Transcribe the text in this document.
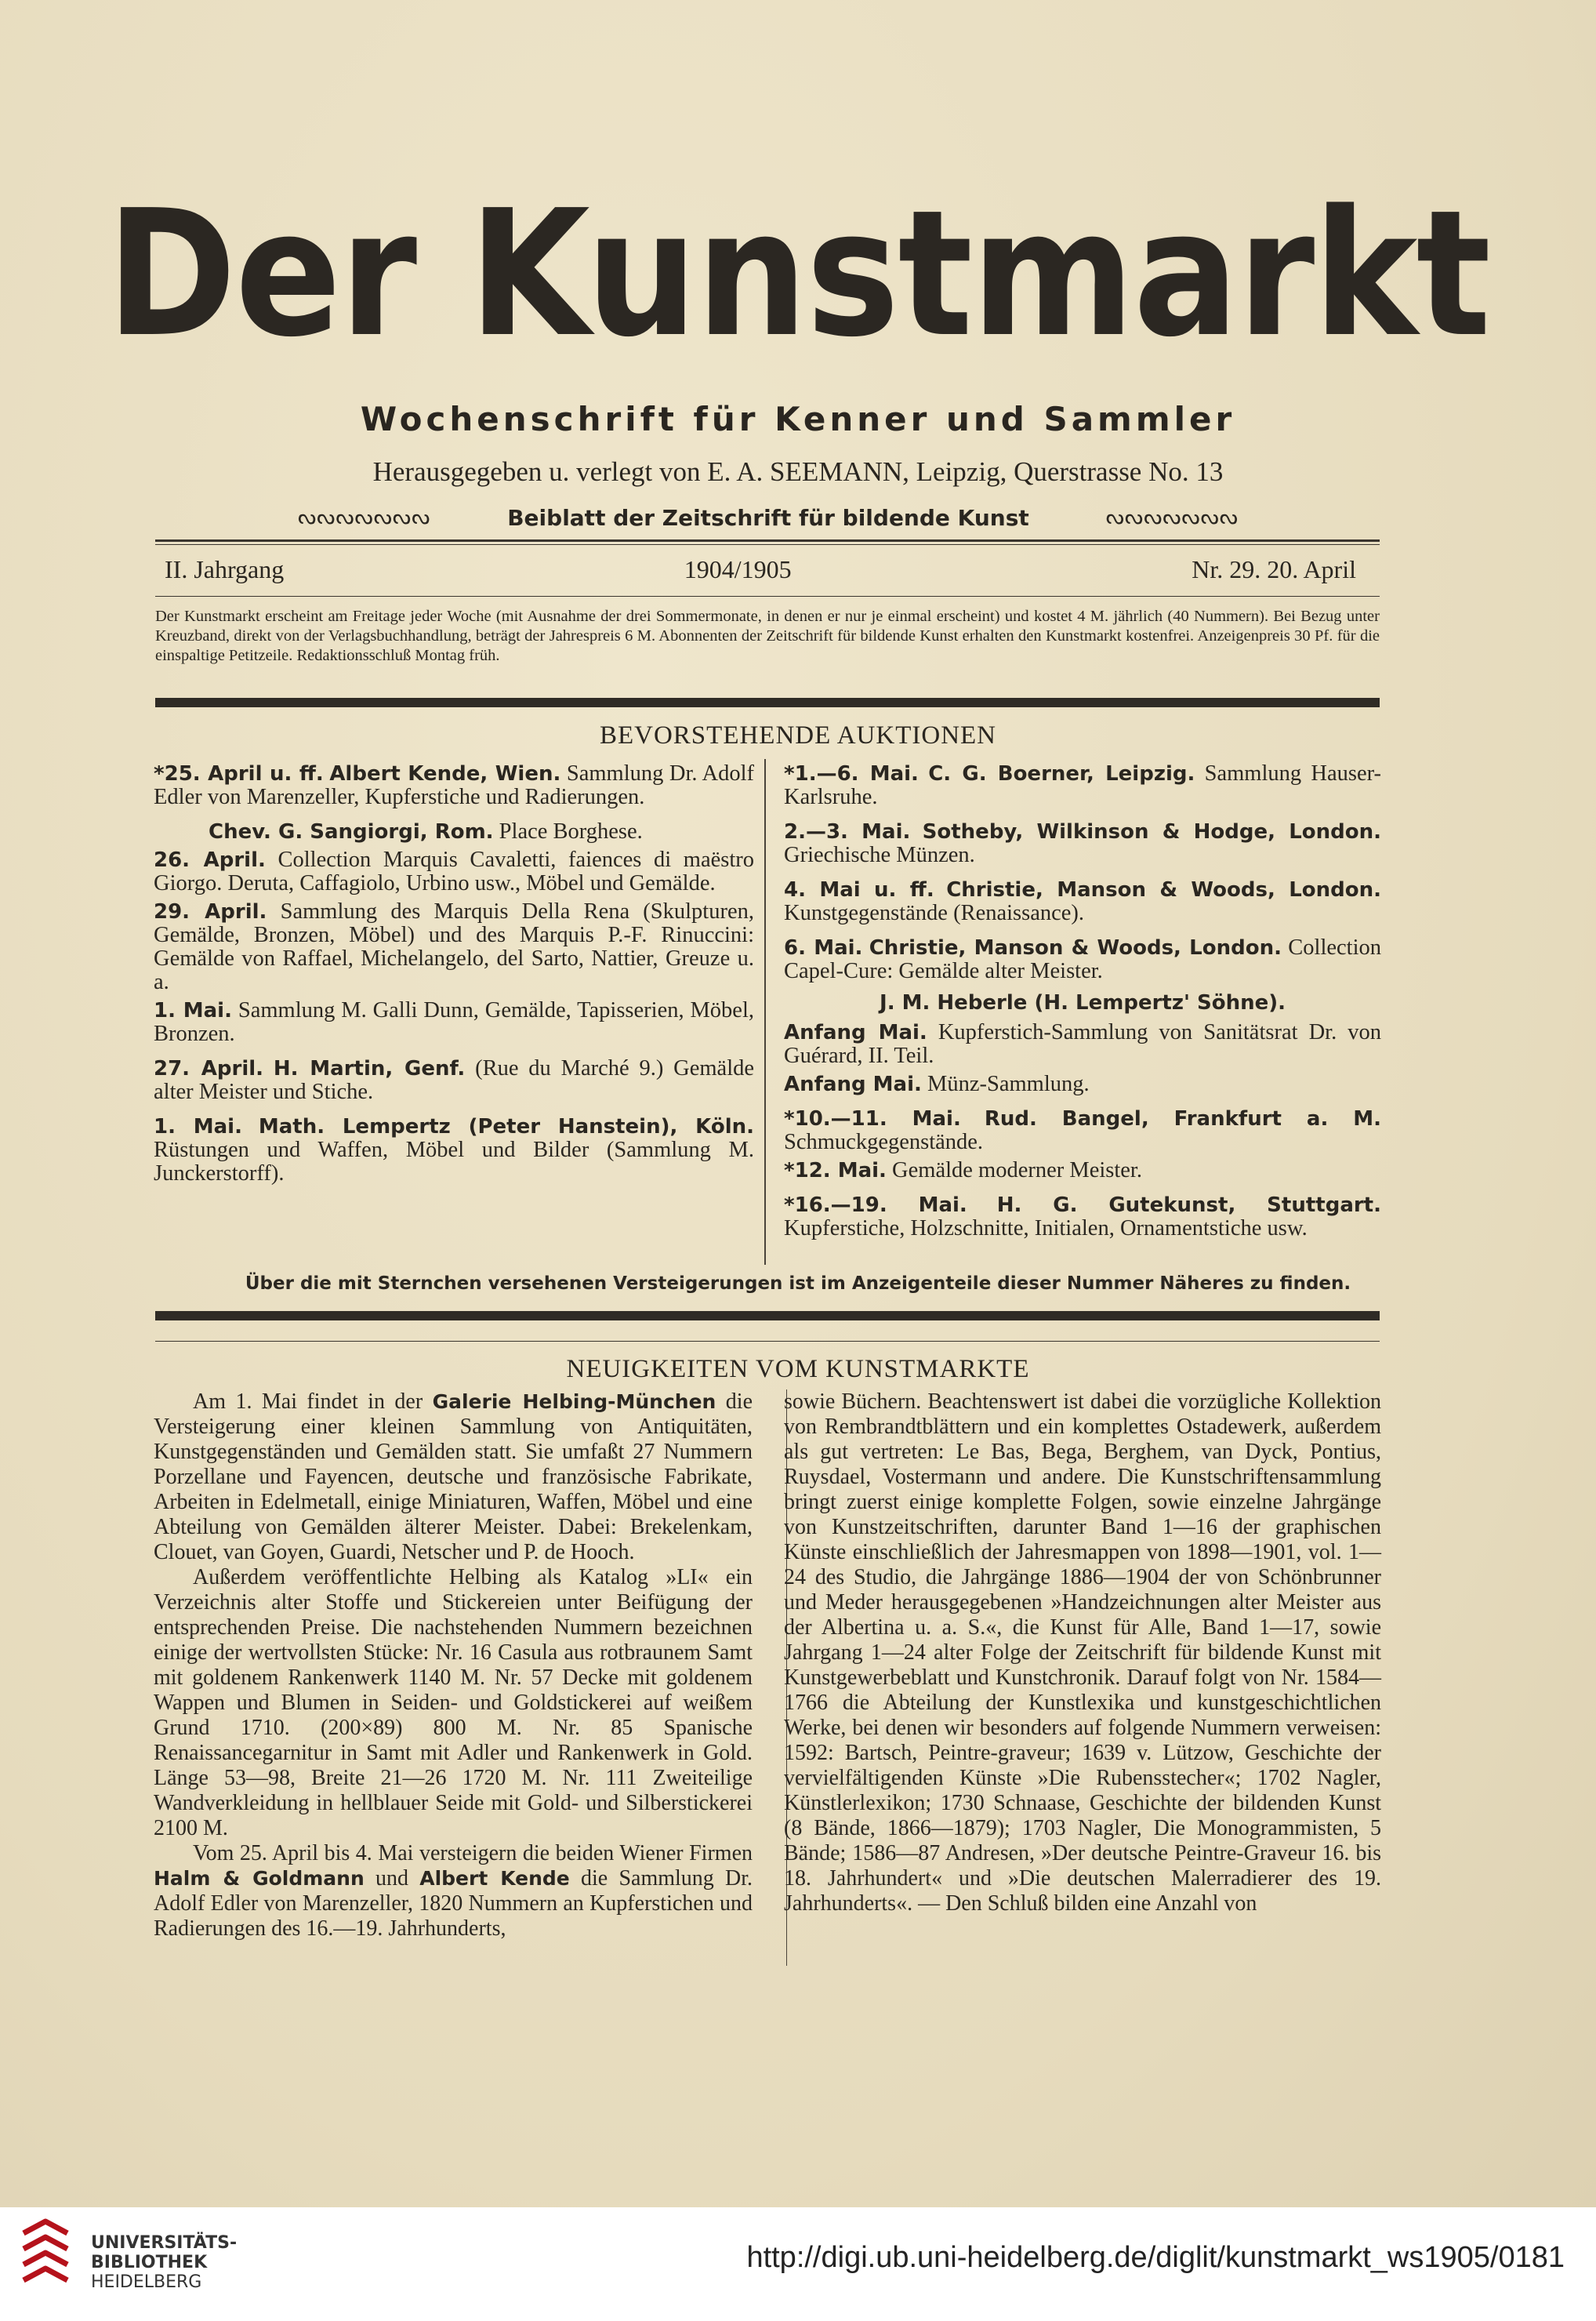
Der Kunstmarkt
Wochenschrift für Kenner und Sammler
Herausgegeben u. verlegt von E. A. SEEMANN, Leipzig, Querstrasse No. 13
ᔓᔓᔓᔓᔓᔓᔓ	Beiblatt der Zeitschrift für bildende Kunst	ᔓᔓᔓᔓᔓᔓᔓ
II. Jahrgang	1904/1905	Nr. 29. 20. April
Der Kunstmarkt erscheint am Freitage jeder Woche (mit Ausnahme der drei Sommermonate, in denen er nur je einmal erscheint) und kostet 4 M. jährlich (40 Nummern). Bei Bezug unter Kreuzband, direkt von der Verlagsbuchhandlung, beträgt der Jahrespreis 6 M. Abonnenten der Zeitschrift für bildende Kunst erhalten den Kunstmarkt kostenfrei. Anzeigenpreis 30 Pf. für die einspaltige Petitzeile. Redaktionsschluß Montag früh.
BEVORSTEHENDE AUKTIONEN
*25. April u. ff. Albert Kende, Wien. Sammlung Dr. Adolf Edler von Marenzeller, Kupferstiche und Radierungen.
Chev. G. Sangiorgi, Rom. Place Borghese.
26. April. Collection Marquis Cavaletti, faiences di maëstro Giorgo. Deruta, Caffagiolo, Urbino usw., Möbel und Gemälde.
29. April. Sammlung des Marquis Della Rena (Skulpturen, Gemälde, Bronzen, Möbel) und des Marquis P.-F. Rinuccini: Gemälde von Raffael, Michelangelo, del Sarto, Nattier, Greuze u. a.
1. Mai. Sammlung M. Galli Dunn, Gemälde, Tapisserien, Möbel, Bronzen.
27. April. H. Martin, Genf. (Rue du Marché 9.) Gemälde alter Meister und Stiche.
1. Mai. Math. Lempertz (Peter Hanstein), Köln. Rüstungen und Waffen, Möbel und Bilder (Sammlung M. Junckerstorff).
*1.—6. Mai. C. G. Boerner, Leipzig. Sammlung Hauser-Karlsruhe.
2.—3. Mai. Sotheby, Wilkinson & Hodge, London. Griechische Münzen.
4. Mai u. ff. Christie, Manson & Woods, London. Kunstgegenstände (Renaissance).
6. Mai. Christie, Manson & Woods, London. Collection Capel-Cure: Gemälde alter Meister.
J. M. Heberle (H. Lempertz' Söhne).
Anfang Mai. Kupferstich-Sammlung von Sanitätsrat Dr. von Guérard, II. Teil.
Anfang Mai. Münz-Sammlung.
*10.—11. Mai. Rud. Bangel, Frankfurt a. M. Schmuckgegenstände.
*12. Mai. Gemälde moderner Meister.
*16.—19. Mai. H. G. Gutekunst, Stuttgart. Kupferstiche, Holzschnitte, Initialen, Ornamentstiche usw.
Über die mit Sternchen versehenen Versteigerungen ist im Anzeigenteile dieser Nummer Näheres zu finden.
NEUIGKEITEN VOM KUNSTMARKTE

Am 1. Mai findet in der Galerie Helbing-München die Versteigerung einer kleinen Sammlung von Antiquitäten, Kunstgegenständen und Gemälden statt. Sie umfaßt 27 Nummern Porzellane und Fayencen, deutsche und französische Fabrikate, Arbeiten in Edelmetall, einige Miniaturen, Waffen, Möbel und eine Abteilung von Gemälden älterer Meister. Dabei: Brekelenkam, Clouet, van Goyen, Guardi, Netscher und P. de Hooch.

Außerdem veröffentlichte Helbing als Katalog »LI« ein Verzeichnis alter Stoffe und Stickereien unter Beifügung der entsprechenden Preise. Die nachstehenden Nummern bezeichnen einige der wertvollsten Stücke: Nr. 16 Casula aus rotbraunem Samt mit goldenem Rankenwerk 1140 M. Nr. 57 Decke mit goldenem Wappen und Blumen in Seiden- und Goldstickerei auf weißem Grund 1710. (200×89) 800 M. Nr. 85 Spanische Renaissancegarnitur in Samt mit Adler und Rankenwerk in Gold. Länge 53—98, Breite 21—26 1720 M. Nr. 111 Zweiteilige Wandverkleidung in hellblauer Seide mit Gold- und Silberstickerei 2100 M.

Vom 25. April bis 4. Mai versteigern die beiden Wiener Firmen Halm & Goldmann und Albert Kende die Sammlung Dr. Adolf Edler von Marenzeller, 1820 Nummern an Kupferstichen und Radierungen des 16.—19. Jahrhunderts,

sowie Büchern. Beachtenswert ist dabei die vorzügliche Kollektion von Rembrandtblättern und ein komplettes Ostadewerk, außerdem als gut vertreten: Le Bas, Bega, Berghem, van Dyck, Pontius, Ruysdael, Vostermann und andere. Die Kunstschriftensammlung bringt zuerst einige komplette Folgen, sowie einzelne Jahrgänge von Kunstzeitschriften, darunter Band 1—16 der graphischen Künste einschließlich der Jahresmappen von 1898—1901, vol. 1—24 des Studio, die Jahrgänge 1886—1904 der von Schönbrunner und Meder herausgegebenen »Handzeichnungen alter Meister aus der Albertina u. a. S.«, die Kunst für Alle, Band 1—17, sowie Jahrgang 1—24 alter Folge der Zeitschrift für bildende Kunst mit Kunstgewerbeblatt und Kunstchronik. Darauf folgt von Nr. 1584—1766 die Abteilung der Kunstlexika und kunstgeschichtlichen Werke, bei denen wir besonders auf folgende Nummern verweisen: 1592: Bartsch, Peintre-graveur; 1639 v. Lützow, Geschichte der vervielfältigenden Künste »Die Rubensstecher«; 1702 Nagler, Künstlerlexikon; 1730 Schnaase, Geschichte der bildenden Kunst (8 Bände, 1866—1879); 1703 Nagler, Die Monogrammisten, 5 Bände; 1586—87 Andresen, »Der deutsche Peintre-Graveur 16. bis 18. Jahrhundert« und »Die deutschen Malerradierer des 19. Jahrhunderts«. — Den Schluß bilden eine Anzahl von

UNIVERSITÄTS-
BIBLIOTHEK
HEIDELBERG
http://digi.ub.uni-heidelberg.de/diglit/kunstmarkt_ws1905/0181
